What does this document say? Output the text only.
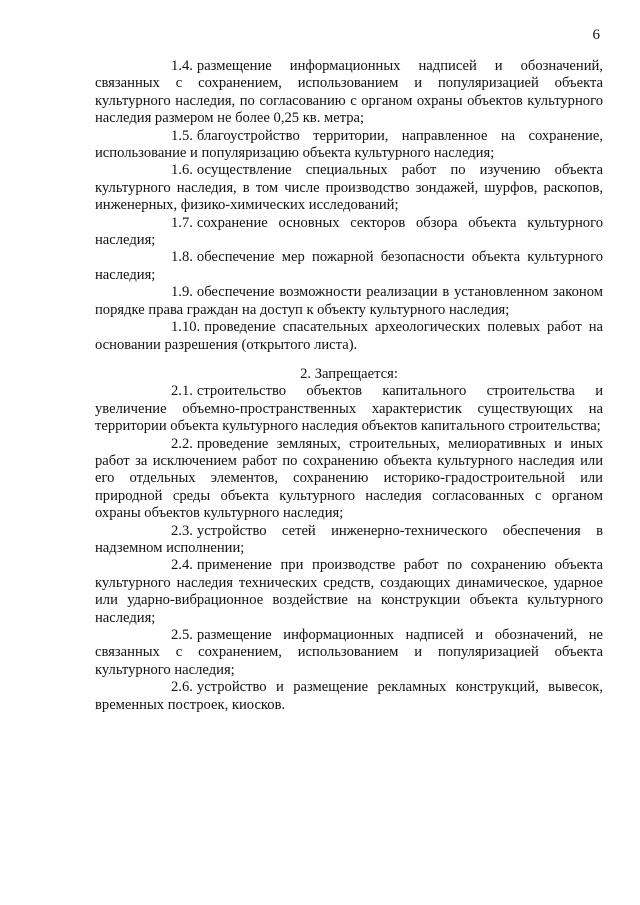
6

1.4. размещение информационных надписей и обозначений, связанных с сохранением, использованием и популяризацией объекта культурного наследия, по согласованию с органом охраны объектов культурного наследия размером не более 0,25 кв. метра;

1.5. благоустройство территории, направленное на сохранение, использование и популяризацию объекта культурного наследия;

1.6. осуществление специальных работ по изучению объекта культурного наследия, в том числе производство зондажей, шурфов, раскопов, инженерных, физико-химических исследований;

1.7. сохранение основных секторов обзора объекта культурного наследия;

1.8. обеспечение мер пожарной безопасности объекта культурного наследия;

1.9. обеспечение возможности реализации в установленном законом порядке права граждан на доступ к объекту культурного наследия;

1.10. проведение спасательных археологических полевых работ на основании разрешения (открытого листа).

2. Запрещается:

2.1. строительство объектов капитального строительства и увеличение объемно-пространственных характеристик существующих на территории объекта культурного наследия объектов капитального строительства;

2.2. проведение земляных, строительных, мелиоративных и иных работ за исключением работ по сохранению объекта культурного наследия или его отдельных элементов, сохранению историко-градостроительной или природной среды объекта культурного наследия согласованных с органом охраны объектов культурного наследия;

2.3. устройство сетей инженерно-технического обеспечения в надземном исполнении;

2.4. применение при производстве работ по сохранению объекта культурного наследия технических средств, создающих динамическое, ударное или ударно-вибрационное воздействие на конструкции объекта культурного наследия;

2.5. размещение информационных надписей и обозначений, не связанных с сохранением, использованием и популяризацией объекта культурного наследия;

2.6. устройство и размещение рекламных конструкций, вывесок, временных построек, киосков.
